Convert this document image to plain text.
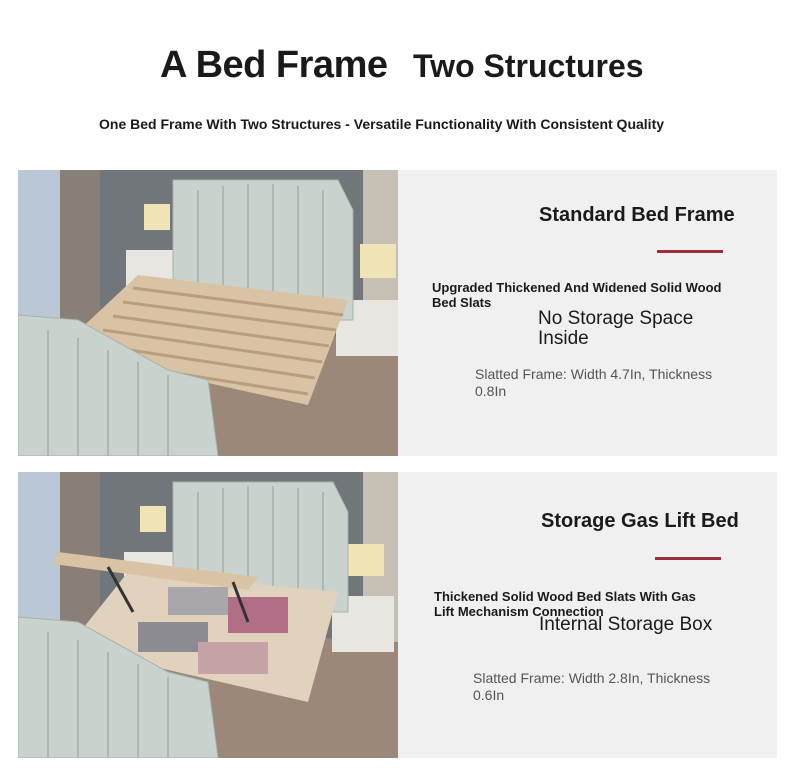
A Bed Frame Two Structures

One Bed Frame With Two Structures - Versatile Functionality With Consistent Quality

Standard Bed Frame

Upgraded Thickened And Widened Solid Wood Bed Slats

No Storage Space Inside

Slatted Frame: Width 4.7In, Thickness 0.8In

Storage Gas Lift Bed

Thickened Solid Wood Bed Slats With Gas Lift Mechanism Connection

Internal Storage Box

Slatted Frame: Width 2.8In, Thickness 0.6In
